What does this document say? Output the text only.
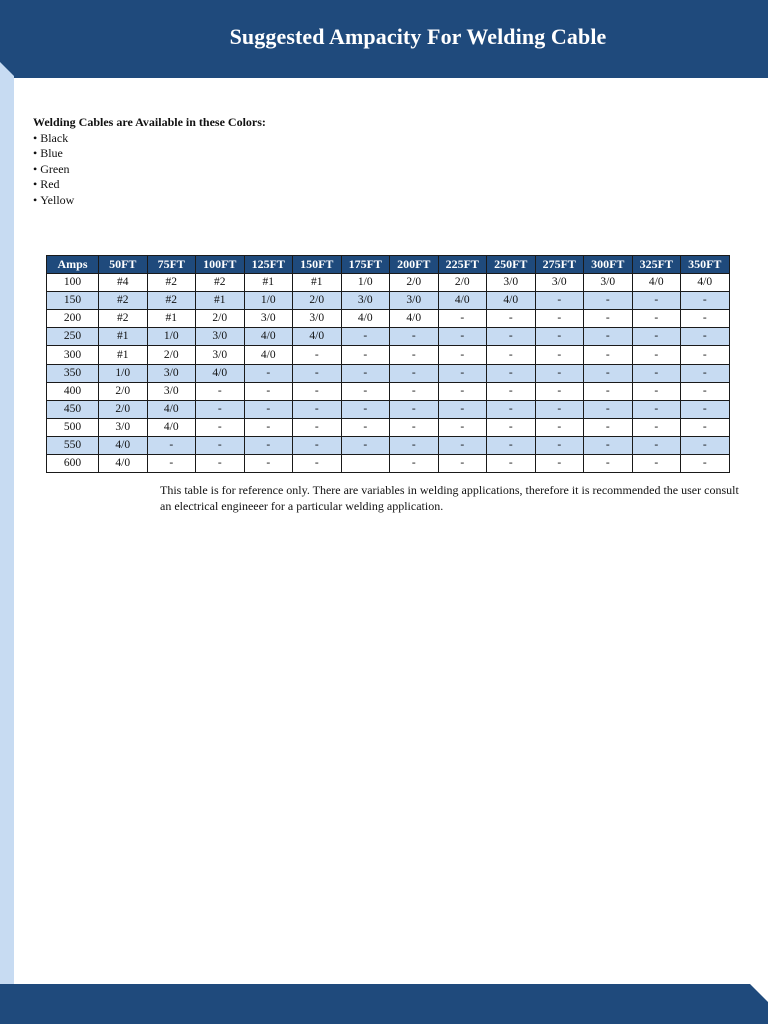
Suggested Ampacity For Welding Cable
Welding Cables are Available in these Colors:
• Black
• Blue
• Green
• Red
• Yellow
Amps	50FT	75FT	100FT	125FT	150FT	175FT	200FT	225FT	250FT	275FT	300FT	325FT	350FT
100	#4	#2	#2	#1	#1	1/0	2/0	2/0	3/0	3/0	3/0	4/0	4/0
150	#2	#2	#1	1/0	2/0	3/0	3/0	4/0	4/0	-	-	-	-
200	#2	#1	2/0	3/0	3/0	4/0	4/0	-	-	-	-	-	-
250	#1	1/0	3/0	4/0	4/0	-	-	-	-	-	-	-	-
300	#1	2/0	3/0	4/0	-	-	-	-	-	-	-	-	-
350	1/0	3/0	4/0	-	-	-	-	-	-	-	-	-	-
400	2/0	3/0	-	-	-	-	-	-	-	-	-	-	-
450	2/0	4/0	-	-	-	-	-	-	-	-	-	-	-
500	3/0	4/0	-	-	-	-	-	-	-	-	-	-	-
550	4/0	-	-	-	-	-	-	-	-	-	-	-	-
600	4/0	-	-	-	-		-	-	-	-	-	-	-
This table is for reference only. There are variables in welding applications, therefore it is recommended the user consult an electrical engineeer for a particular welding application.
